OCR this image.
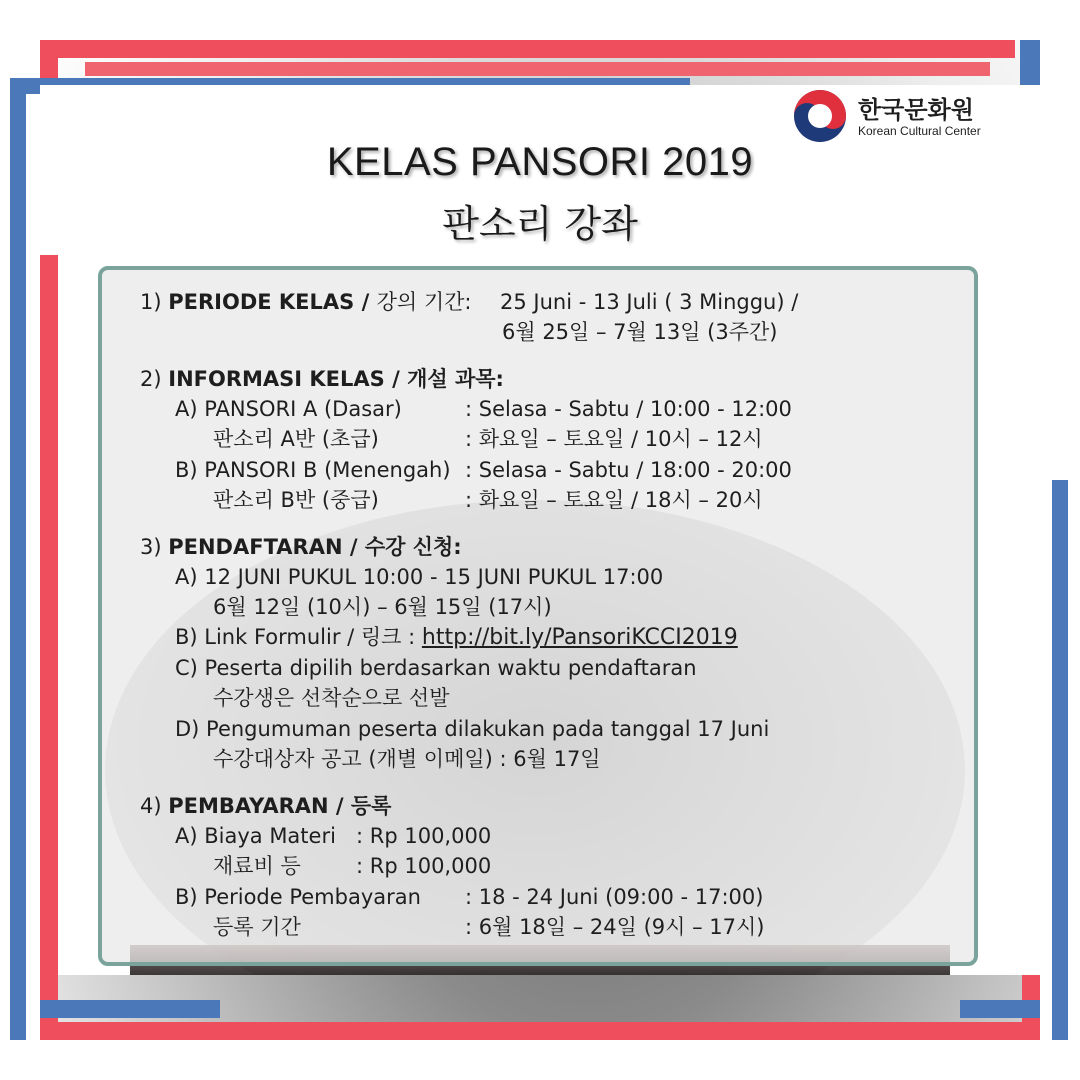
한국문화원
Korean Cultural Center
KELAS PANSORI 2019
판소리 강좌
1) PERIODE KELAS / 강의 기간: 25 Juni - 13 Juli ( 3 Minggu) /
6월 25일 – 7월 13일 (3주간)
2) INFORMASI KELAS / 개설 과목:
A) PANSORI A (Dasar)	: Selasa - Sabtu / 10:00 - 12:00
판소리 A반 (초급)	: 화요일 – 토요일 / 10시 – 12시
B) PANSORI B (Menengah) : Selasa - Sabtu / 18:00 - 20:00
판소리 B반 (중급)	: 화요일 – 토요일 / 18시 – 20시
3) PENDAFTARAN / 수강 신청:
A) 12 JUNI PUKUL 10:00 - 15 JUNI PUKUL 17:00
6월 12일 (10시) – 6월 15일 (17시)
B) Link Formulir / 링크 : http://bit.ly/PansoriKCCI2019
C) Peserta dipilih berdasarkan waktu pendaftaran
수강생은 선착순으로 선발
D) Pengumuman peserta dilakukan pada tanggal 17 Juni
수강대상자 공고 (개별 이메일) : 6월 17일
4) PEMBAYARAN / 등록
A) Biaya Materi : Rp 100,000
재료비 등	: Rp 100,000
B) Periode Pembayaran : 18 - 24 Juni (09:00 - 17:00)
등록 기간	: 6월 18일 – 24일 (9시 – 17시)
